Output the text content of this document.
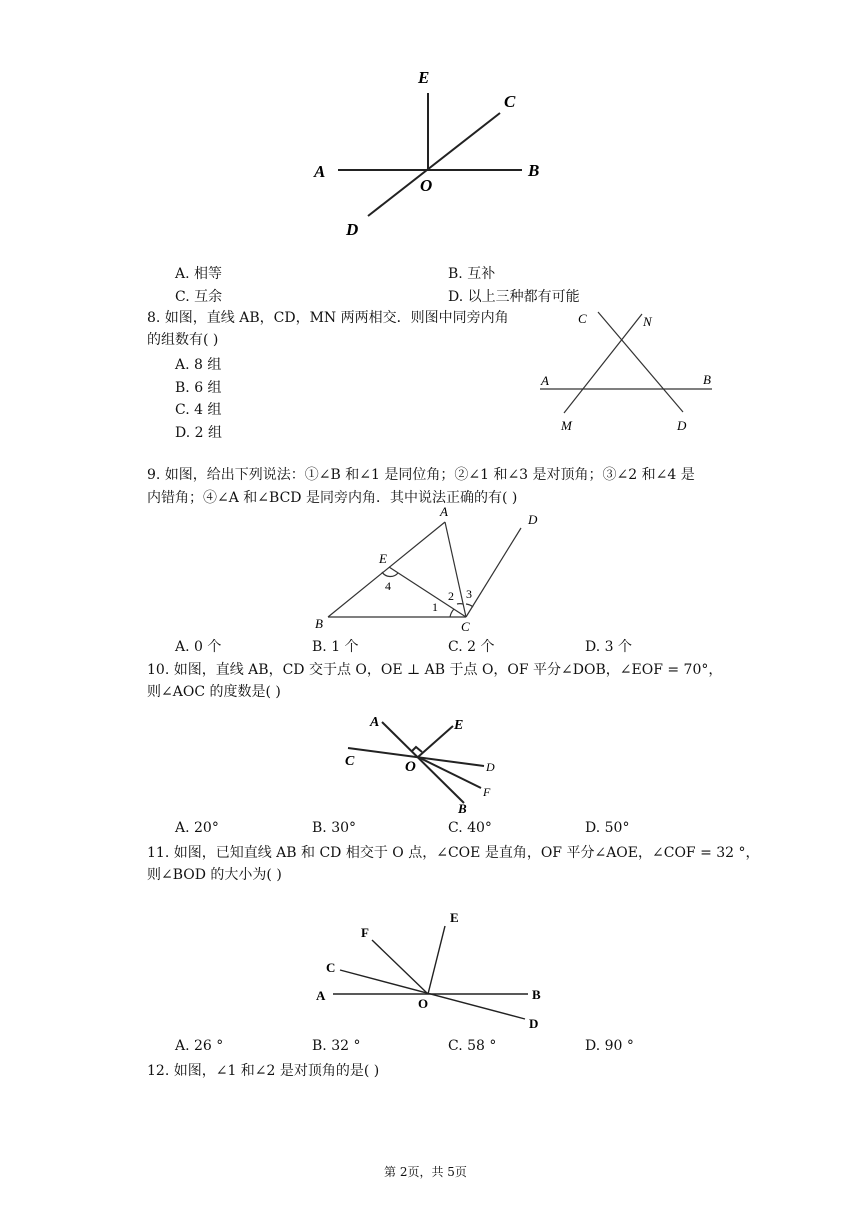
E
C
A
O
B
D
A. 相等	B. 互补
C. 互余	D. 以上三种都有可能
8. 如图，直线 AB，CD，MN 两两相交．则图中同旁内角
的组数有( )
A. 8 组
B. 6 组
C. 4 组
D. 2 组
C	N
A	B
M	D
9. 如图，给出下列说法：①∠B 和∠1 是同位角；②∠1 和∠3 是对顶角；③∠2 和∠4 是
内错角；④∠A 和∠BCD 是同旁内角．其中说法正确的有( )
A
D
E
4
1
2 3
B	C
A. 0 个	B. 1 个	C. 2 个	D. 3 个
10. 如图，直线 AB，CD 交于点 O，OE ⊥ AB 于点 O，OF 平分∠DOB，∠EOF = 70°，
则∠AOC 的度数是( )
A	E
C	O	D
F
B
A. 20°	B. 30°	C. 40°	D. 50°
11. 如图，已知直线 AB 和 CD 相交于 O 点，∠COE 是直角，OF 平分∠AOE，∠COF = 32 °，
则∠BOD 的大小为( )
E
F
C
A
O
B
D
A. 26 °	B. 32 °	C. 58 °	D. 90 °
12. 如图，∠1 和∠2 是对顶角的是( )
第 2页，共 5页
